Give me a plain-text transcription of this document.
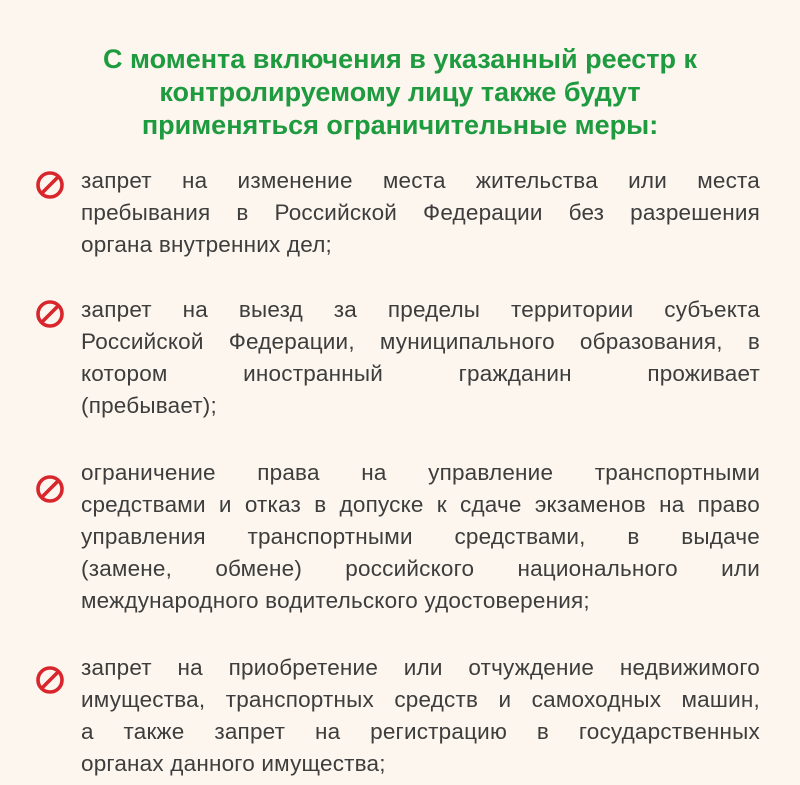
С момента включения в указанный реестр к
контролируемому лицу также будут
применяться ограничительные меры:
запрет на изменение места жительства или места
пребывания в Российской Федерации без разрешения
органа внутренних дел;
запрет на выезд за пределы территории субъекта
Российской Федерации, муниципального образования, в
котором иностранный гражданин проживает
(пребывает);
ограничение права на управление транспортными
средствами и отказ в допуске к сдаче экзаменов на право
управления транспортными средствами, в выдаче
(замене, обмене) российского национального или
международного водительского удостоверения;
запрет на приобретение или отчуждение недвижимого
имущества, транспортных средств и самоходных машин,
а также запрет на регистрацию в государственных
органах данного имущества;
